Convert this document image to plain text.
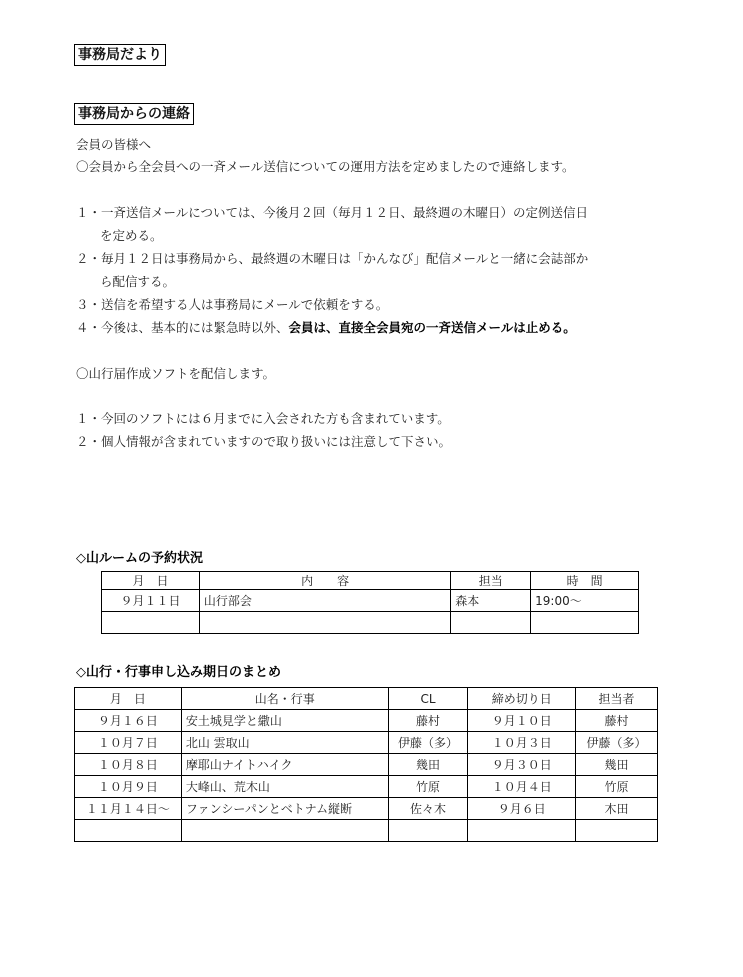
事務局だより
事務局からの連絡
会員の皆様へ
〇会員から全会員への一斉メール送信についての運用方法を定めましたので連絡します。
１・一斉送信メールについては、今後月２回（毎月１２日、最終週の木曜日）の定例送信日
を定める。
２・毎月１２日は事務局から、最終週の木曜日は「かんなび」配信メールと一緒に会誌部か
ら配信する。
３・送信を希望する人は事務局にメールで依頼をする。
４・今後は、基本的には緊急時以外、会員は、直接全会員宛の一斉送信メールは止める。
〇山行届作成ソフトを配信します。
１・今回のソフトには６月までに入会された方も含まれています。
２・個人情報が含まれていますので取り扱いには注意して下さい。
◇山ルームの予約状況
月　日	内　　容	担当	時　間
９月１１日	山行部会	森本	19:00～

◇山行・行事申し込み期日のまとめ
月　日	山名・行事	CL	締め切り日	担当者
９月１６日	安土城見学と繖山	藤村	９月１０日	藤村
１０月７日	北山 雲取山	伊藤（多）	１０月３日	伊藤（多）
１０月８日	摩耶山ナイトハイク	幾田	９月３０日	幾田
１０月９日	大峰山、荒木山	竹原	１０月４日	竹原
１１月１４日～	ファンシーパンとベトナム縦断	佐々木	９月６日	木田
